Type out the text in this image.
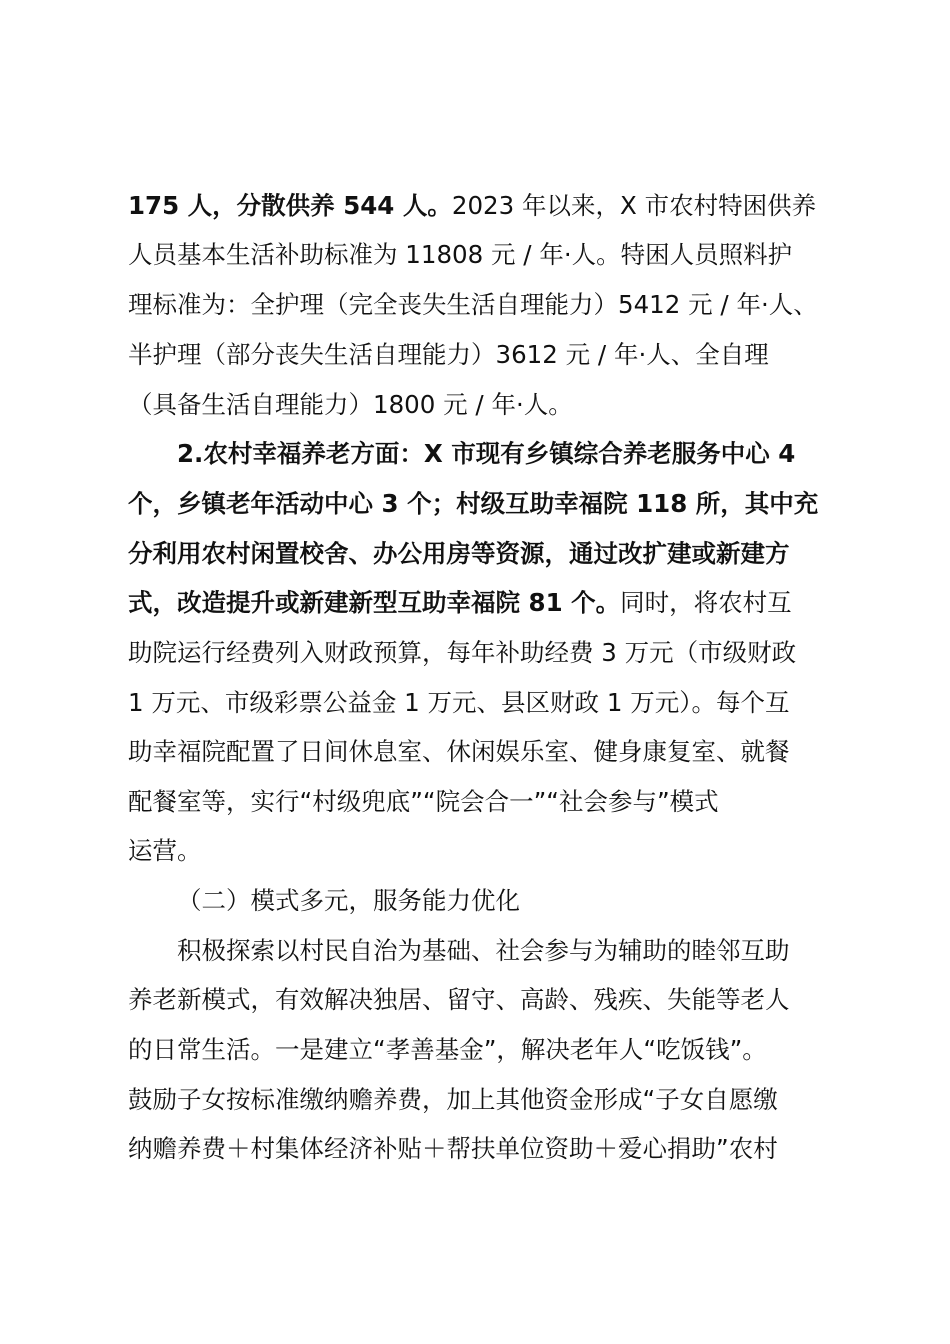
175 人，分散供养 544 人。2023 年以来，X 市农村特困供养
人员基本生活补助标准为 11808 元 / 年·人。特困人员照料护
理标准为：全护理（完全丧失生活自理能力）5412 元 / 年·人、
半护理（部分丧失生活自理能力）3612 元 / 年·人、全自理
（具备生活自理能力）1800 元 / 年·人。
2.农村幸福养老方面：X 市现有乡镇综合养老服务中心 4
个，乡镇老年活动中心 3 个；村级互助幸福院 118 所，其中充
分利用农村闲置校舍、办公用房等资源，通过改扩建或新建方
式，改造提升或新建新型互助幸福院 81 个。同时，将农村互
助院运行经费列入财政预算，每年补助经费 3 万元（市级财政
1 万元、市级彩票公益金 1 万元、县区财政 1 万元）。每个互
助幸福院配置了日间休息室、休闲娱乐室、健身康复室、就餐
配餐室等，实行“村级兜底”“院会合一”“社会参与”模式
运营。
（二）模式多元，服务能力优化
积极探索以村民自治为基础、社会参与为辅助的睦邻互助
养老新模式，有效解决独居、留守、高龄、残疾、失能等老人
的日常生活。一是建立“孝善基金”，解决老年人“吃饭钱”。
鼓励子女按标准缴纳赡养费，加上其他资金形成“子女自愿缴
纳赡养费＋村集体经济补贴＋帮扶单位资助＋爱心捐助”农村
